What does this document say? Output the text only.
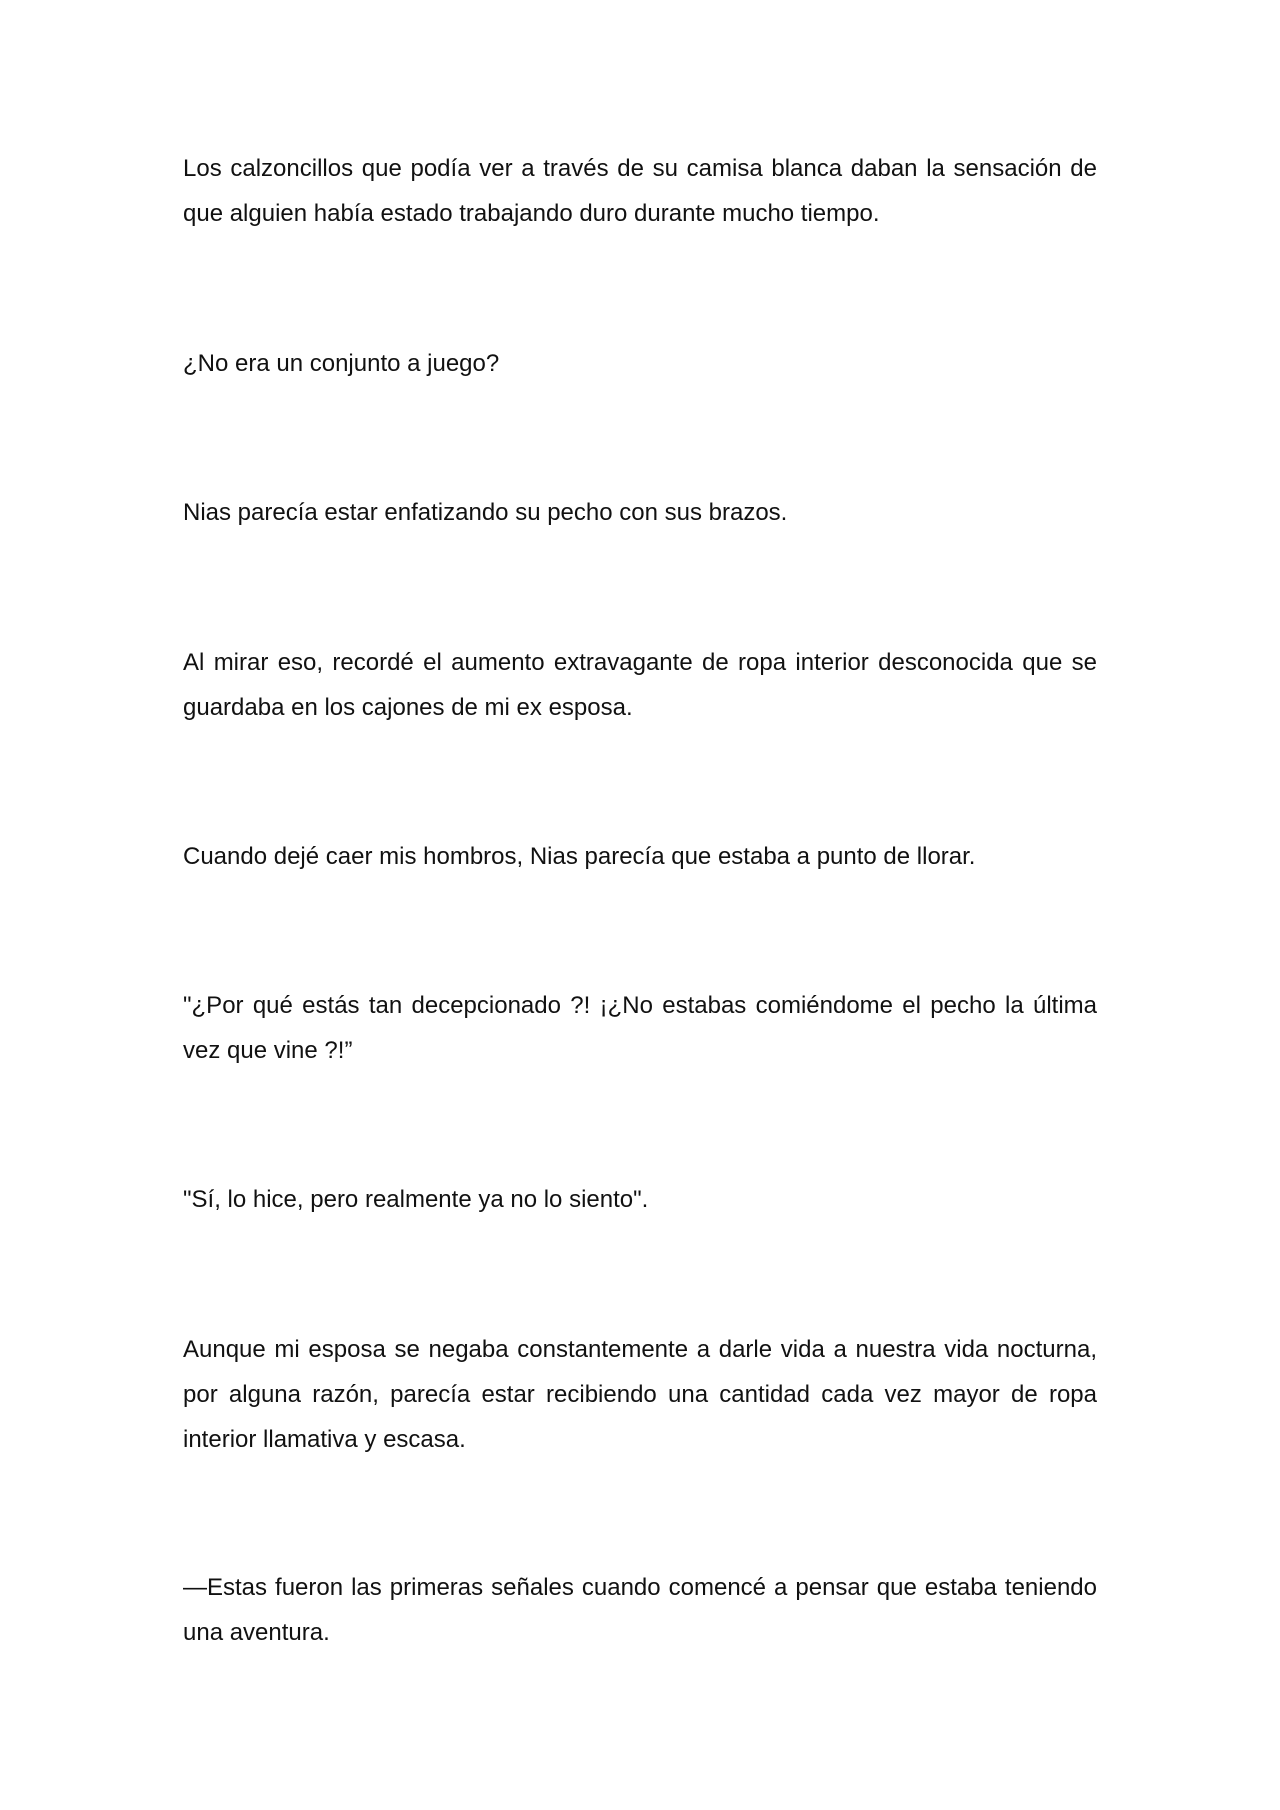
Los calzoncillos que podía ver a través de su camisa blanca daban la sensación de que alguien había estado trabajando duro durante mucho tiempo.

¿No era un conjunto a juego?

Nias parecía estar enfatizando su pecho con sus brazos.

Al mirar eso, recordé el aumento extravagante de ropa interior desconocida que se guardaba en los cajones de mi ex esposa.

Cuando dejé caer mis hombros, Nias parecía que estaba a punto de llorar.

"¿Por qué estás tan decepcionado ?! ¡¿No estabas comiéndome el pecho la última vez que vine ?!”

"Sí, lo hice, pero realmente ya no lo siento".

Aunque mi esposa se negaba constantemente a darle vida a nuestra vida nocturna, por alguna razón, parecía estar recibiendo una cantidad cada vez mayor de ropa interior llamativa y escasa.

—Estas fueron las primeras señales cuando comencé a pensar que estaba teniendo una aventura.
